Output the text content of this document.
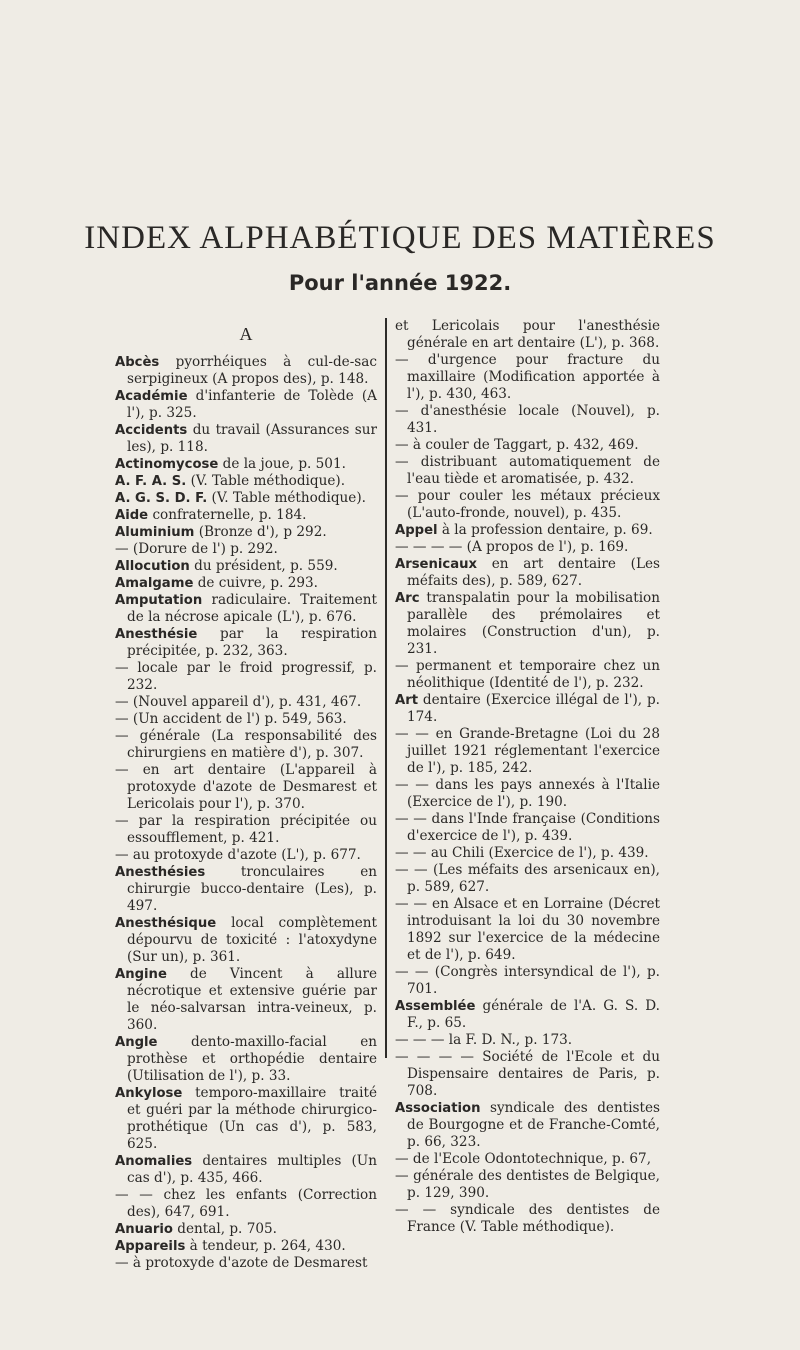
INDEX ALPHABÉTIQUE DES MATIÈRES
Pour l'année 1922.
A
Abcès pyorrhéiques à cul-de-sac serpigineux (A propos des), p. 148.
Académie d'infanterie de Tolède (A l'), p. 325.
Accidents du travail (Assurances sur les), p. 118.
Actinomycose de la joue, p. 501.
A. F. A. S. (V. Table méthodique).
A. G. S. D. F. (V. Table méthodique).
Aide confraternelle, p. 184.
Aluminium (Bronze d'), p 292.
— (Dorure de l') p. 292.
Allocution du président, p. 559.
Amalgame de cuivre, p. 293.
Amputation radiculaire. Traitement de la nécrose apicale (L'), p. 676.
Anesthésie par la respiration précipitée, p. 232, 363.
— locale par le froid progressif, p. 232.
— (Nouvel appareil d'), p. 431, 467.
— (Un accident de l') p. 549, 563.
— générale (La responsabilité des chirurgiens en matière d'), p. 307.
— en art dentaire (L'appareil à protoxyde d'azote de Desmarest et Lericolais pour l'), p. 370.
— par la respiration précipitée ou essoufflement, p. 421.
— au protoxyde d'azote (L'), p. 677.
Anesthésies tronculaires en chirurgie bucco-dentaire (Les), p. 497.
Anesthésique local complètement dépourvu de toxicité : l'atoxydyne (Sur un), p. 361.
Angine de Vincent à allure nécrotique et extensive guérie par le néo-salvarsan intra-veineux, p. 360.
Angle dento-maxillo-facial en prothèse et orthopédie dentaire (Utilisation de l'), p. 33.
Ankylose temporo-maxillaire traité et guéri par la méthode chirurgico-prothétique (Un cas d'), p. 583, 625.
Anomalies dentaires multiples (Un cas d'), p. 435, 466.
— — chez les enfants (Correction des), 647, 691.
Anuario dental, p. 705.
Appareils à tendeur, p. 264, 430.
— à protoxyde d'azote de Desmarest
et Lericolais pour l'anesthésie générale en art dentaire (L'), p. 368.
— d'urgence pour fracture du maxillaire (Modification apportée à l'), p. 430, 463.
— d'anesthésie locale (Nouvel), p. 431.
— à couler de Taggart, p. 432, 469.
— distribuant automatiquement de l'eau tiède et aromatisée, p. 432.
— pour couler les métaux précieux (L'auto-fronde, nouvel), p. 435.
Appel à la profession dentaire, p. 69.
— — — — (A propos de l'), p. 169.
Arsenicaux en art dentaire (Les méfaits des), p. 589, 627.
Arc transpalatin pour la mobilisation parallèle des prémolaires et molaires (Construction d'un), p. 231.
— permanent et temporaire chez un néolithique (Identité de l'), p. 232.
Art dentaire (Exercice illégal de l'), p. 174.
— — en Grande-Bretagne (Loi du 28 juillet 1921 réglementant l'exercice de l'), p. 185, 242.
— — dans les pays annexés à l'Italie (Exercice de l'), p. 190.
— — dans l'Inde française (Conditions d'exercice de l'), p. 439.
— — au Chili (Exercice de l'), p. 439.
— — (Les méfaits des arsenicaux en), p. 589, 627.
— — en Alsace et en Lorraine (Décret introduisant la loi du 30 novembre 1892 sur l'exercice de la médecine et de l'), p. 649.
— — (Congrès intersyndical de l'), p. 701.
Assemblée générale de l'A. G. S. D. F., p. 65.
— — — la F. D. N., p. 173.
— — — — Société de l'Ecole et du Dispensaire dentaires de Paris, p. 708.
Association syndicale des dentistes de Bourgogne et de Franche-Comté, p. 66, 323.
— de l'Ecole Odontotechnique, p. 67,
— générale des dentistes de Belgique, p. 129, 390.
— — syndicale des dentistes de France (V. Table méthodique).
